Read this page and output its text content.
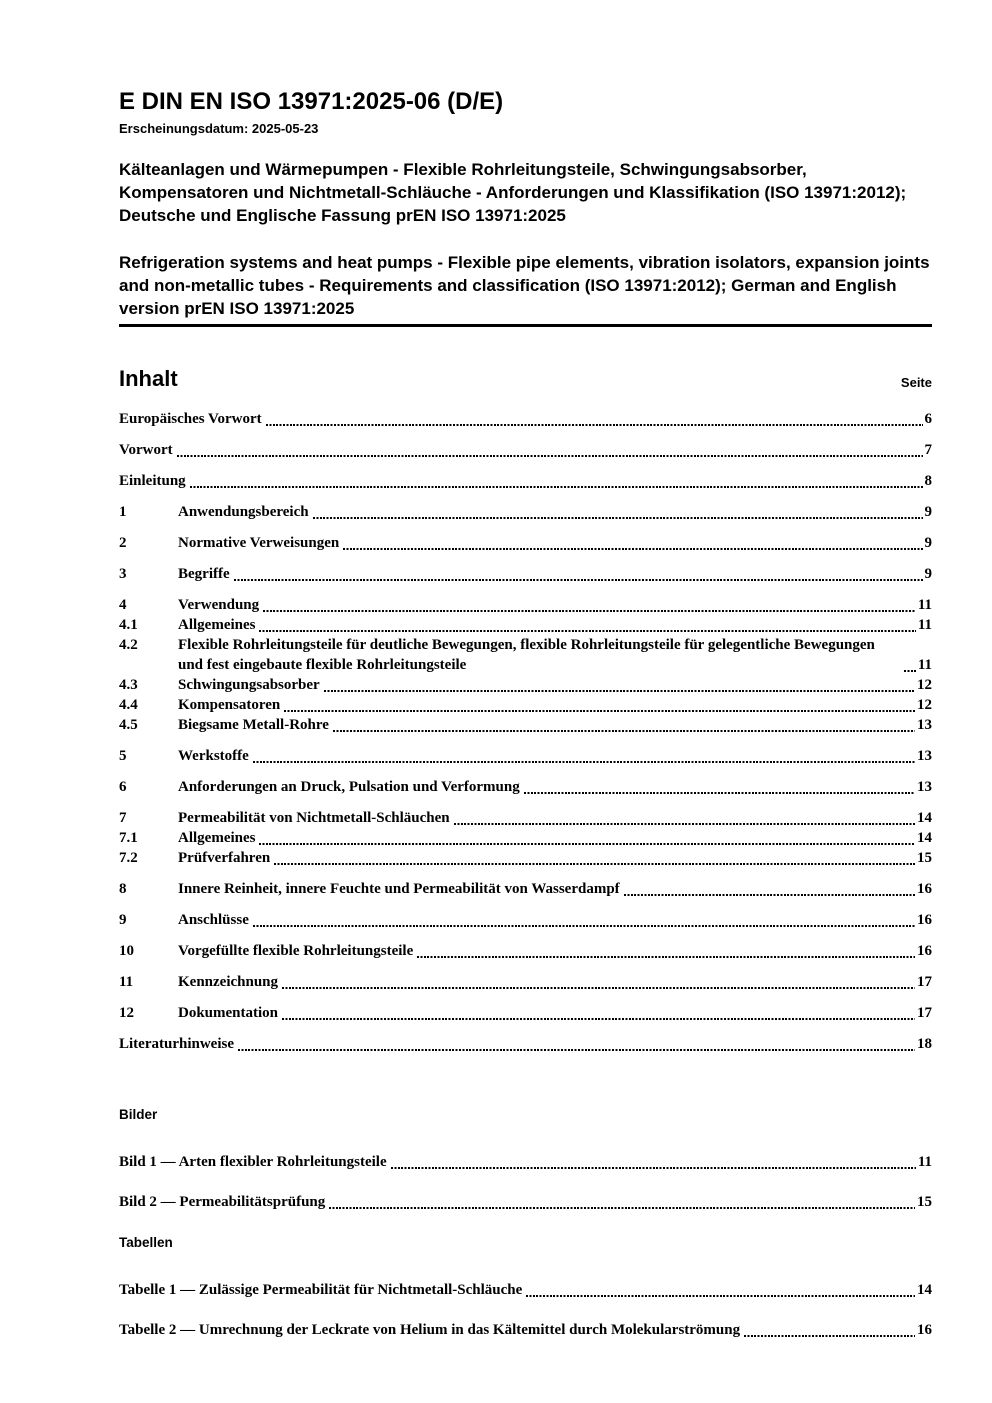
E DIN EN ISO 13971:2025-06 (D/E)
Erscheinungsdatum: 2025-05-23

Kälteanlagen und Wärmepumpen - Flexible Rohrleitungsteile, Schwingungsabsorber, Kompensatoren und Nichtmetall-Schläuche - Anforderungen und Klassifikation (ISO 13971:2012); Deutsche und Englische Fassung prEN ISO 13971:2025

Refrigeration systems and heat pumps - Flexible pipe elements, vibration isolators, expansion joints and non-metallic tubes - Requirements and classification (ISO 13971:2012); German and English version prEN ISO 13971:2025

Inhalt	Seite
Europäisches Vorwort	6
Vorwort	7
Einleitung	8
1	Anwendungsbereich	9
2	Normative Verweisungen	9
3	Begriffe	9
4	Verwendung	11
4.1	Allgemeines	11
4.2	Flexible Rohrleitungsteile für deutliche Bewegungen, flexible Rohrleitungsteile für gelegentliche Bewegungen und fest eingebaute flexible Rohrleitungsteile	11
4.3	Schwingungsabsorber	12
4.4	Kompensatoren	12
4.5	Biegsame Metall-Rohre	13
5	Werkstoffe	13
6	Anforderungen an Druck, Pulsation und Verformung	13
7	Permeabilität von Nichtmetall-Schläuchen	14
7.1	Allgemeines	14
7.2	Prüfverfahren	15
8	Innere Reinheit, innere Feuchte und Permeabilität von Wasserdampf	16
9	Anschlüsse	16
10	Vorgefüllte flexible Rohrleitungsteile	16
11	Kennzeichnung	17
12	Dokumentation	17
Literaturhinweise	18
Bilder
Bild 1 — Arten flexibler Rohrleitungsteile	11
Bild 2 — Permeabilitätsprüfung	15
Tabellen
Tabelle 1 — Zulässige Permeabilität für Nichtmetall-Schläuche	14
Tabelle 2 — Umrechnung der Leckrate von Helium in das Kältemittel durch Molekularströmung	16
